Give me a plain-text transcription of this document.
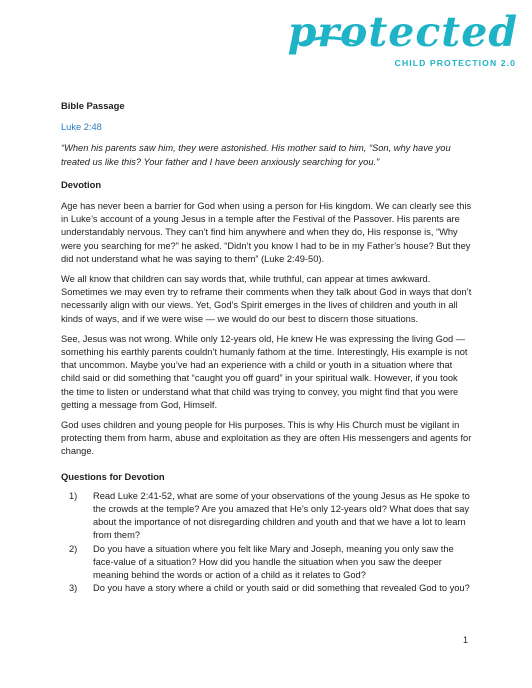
protected
CHILD PROTECTION 2.0
Bible Passage
Luke 2:48
“When his parents saw him, they were astonished. His mother said to him, “Son, why have you treated us like this? Your father and I have been anxiously searching for you.”
Devotion

Age has never been a barrier for God when using a person for His kingdom. We can clearly see this in Luke’s account of a young Jesus in a temple after the Festival of the Passover. His parents are understandably nervous. They can’t find him anywhere and when they do, His response is, “Why were you searching for me?” he asked. “Didn’t you know I had to be in my Father’s house? But they did not understand what he was saying to them” (Luke 2:49-50).

We all know that children can say words that, while truthful, can appear at times awkward. Sometimes we may even try to reframe their comments when they talk about God in ways that don’t necessarily align with our views. Yet, God’s Spirit emerges in the lives of children and youth in all kinds of ways, and if we were wise — we would do our best to discern those situations.

See, Jesus was not wrong. While only 12-years old, He knew He was expressing the living God —something his earthly parents couldn’t humanly fathom at the time. Interestingly, His example is not that uncommon. Maybe you’ve had an experience with a child or youth in a situation where that child said or did something that “caught you off guard” in your spiritual walk. However, if you took the time to listen or understand what that child was trying to convey, you might find that you were getting a message from God, Himself.

God uses children and young people for His purposes. This is why His Church must be vigilant in protecting them from harm, abuse and exploitation as they are often His messengers and agents for change.

Questions for Devotion
1) Read Luke 2:41-52, what are some of your observations of the young Jesus as He spoke to the crowds at the temple? Are you amazed that He’s only 12-years old? What does that say about the importance of not disregarding children and youth and that we have a lot to learn from them?
2) Do you have a situation where you felt like Mary and Joseph, meaning you only saw the face-value of a situation? How did you handle the situation when you saw the deeper meaning behind the words or action of a child as it relates to God?
3) Do you have a story where a child or youth said or did something that revealed God to you?
1
